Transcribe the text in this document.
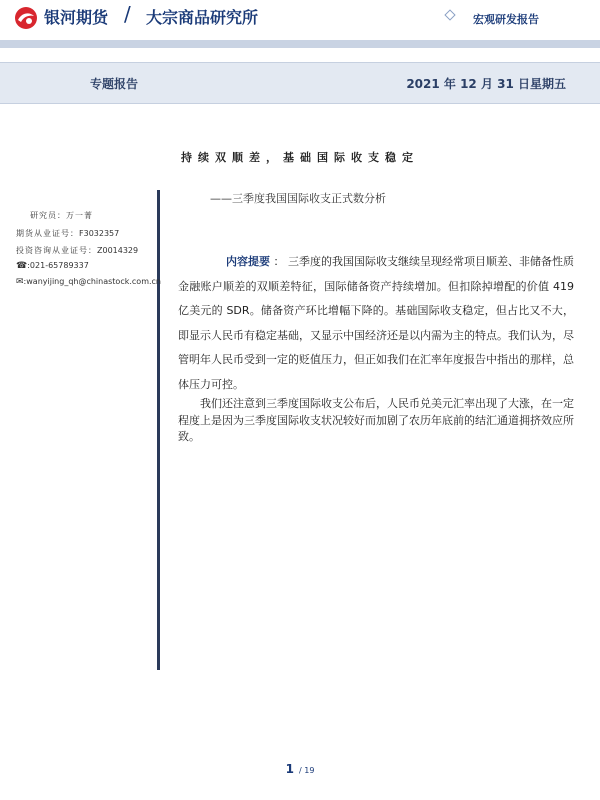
银河期货 / 大宗商品研究所	宏观研发报告
专题报告	2021 年 12 月 31 日星期五
持续双顺差，基础国际收支稳定
——三季度我国国际收支正式数分析
研究员：万一菁
期货从业证号：F3032357
投资咨询从业证号：Z0014329
☎:021-65789337
✉:wanyijing_qh@chinastock.com.cn
内容提要 ： 三季度的我国国际收支继续呈现经常项目顺差、非储备性质金融账户顺差的双顺差特征，国际储备资产持续增加。但扣除掉增配的价值 419 亿美元的 SDR。储备资产环比增幅下降的。基础国际收支稳定，但占比又不大，即显示人民币有稳定基础，又显示中国经济还是以内需为主的特点。我们认为，尽管明年人民币受到一定的贬值压力，但正如我们在汇率年度报告中指出的那样，总体压力可控。
我们还注意到三季度国际收支公布后，人民币兑美元汇率出现了大涨，在一定程度上是因为三季度国际收支状况较好而加剧了农历年底前的结汇通道拥挤效应所致。
1 / 19
